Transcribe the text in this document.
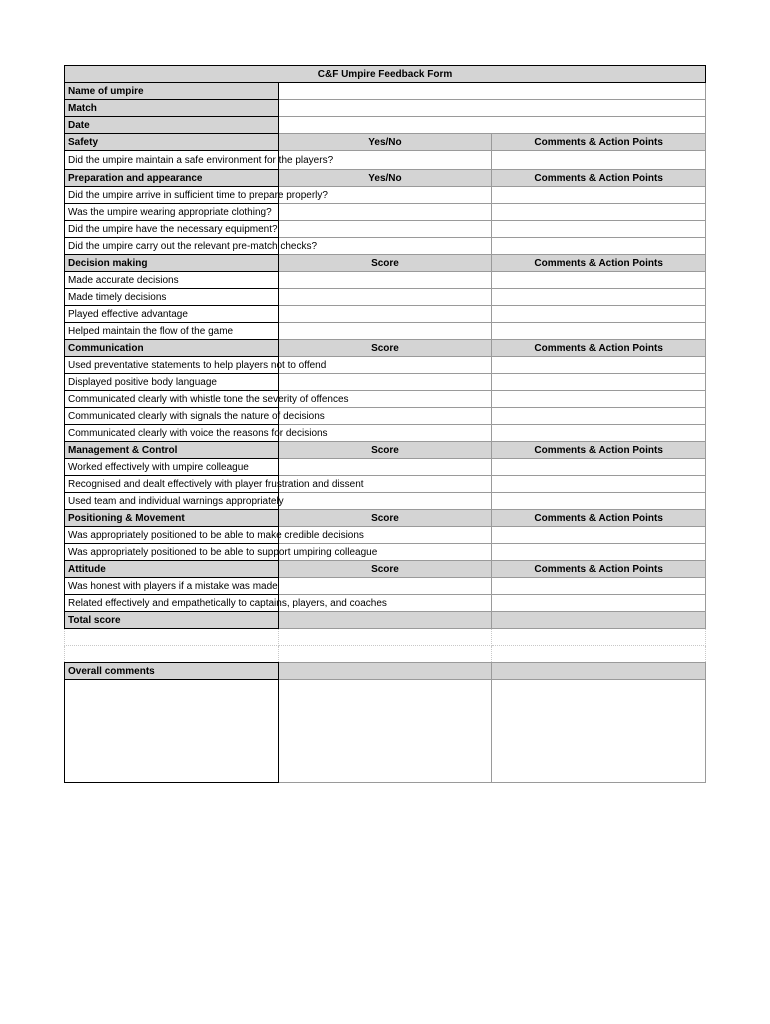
C&F Umpire Feedback Form		
Name of umpire		
Match		
Date		
Safety	Yes/No	Comments & Action Points
Did the umpire maintain a safe environment for the players?		
Preparation and appearance	Yes/No	Comments & Action Points
Did the umpire arrive in sufficient time to prepare properly?		
Was the umpire wearing appropriate clothing?		
Did the umpire have the necessary equipment?		
Did the umpire carry out the relevant pre-match checks?		
Decision making	Score	Comments & Action Points
Made accurate decisions		
Made timely decisions		
Played effective advantage		
Helped maintain the flow of the game		
Communication	Score	Comments & Action Points
Used preventative statements to help players not to offend		
Displayed positive body language		
Communicated clearly with whistle tone the severity of offences		
Communicated clearly with signals the nature of decisions		
Communicated clearly with voice the reasons for decisions		
Management & Control	Score	Comments & Action Points
Worked effectively with umpire colleague		
Recognised and dealt effectively with player frustration and dissent		
Used team and individual warnings appropriately		
Positioning & Movement	Score	Comments & Action Points
Was appropriately positioned to be able to make credible decisions		
Was appropriately positioned to be able to support umpiring colleague		
Attitude	Score	Comments & Action Points
Was honest with players if a mistake was made		
Related effectively and empathetically to captains, players, and coaches		
Total score		

Overall comments		
